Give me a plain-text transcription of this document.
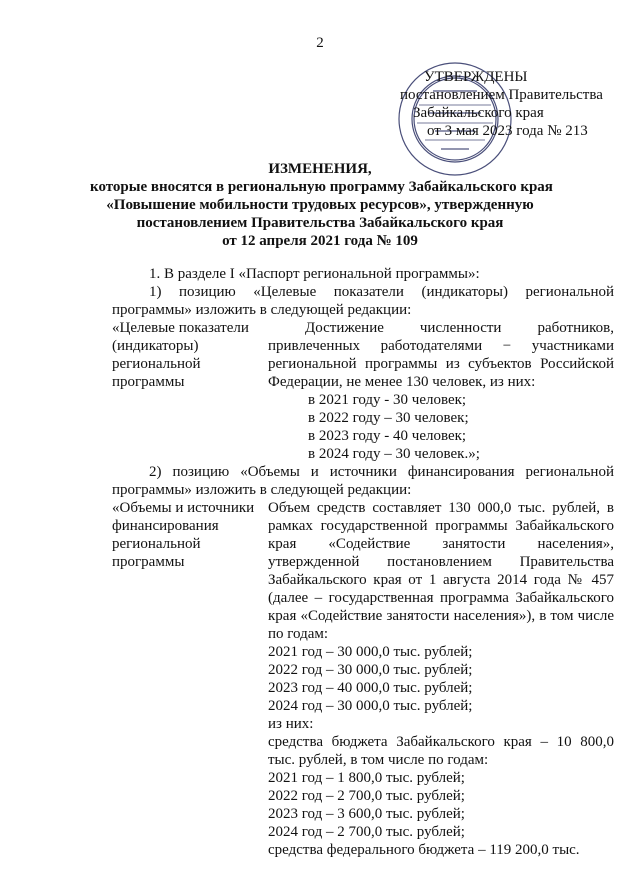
2
УТВЕРЖДЕНЫ
постановлением Правительства
Забайкальского края
от 3 мая 2023 года № 213
ИЗМЕНЕНИЯ,
которые вносятся в региональную программу Забайкальского края
«Повышение мобильности трудовых ресурсов», утвержденную
постановлением Правительства Забайкальского края
от 12 апреля 2021 года № 109
1. В разделе I «Паспорт региональной программы»:
1) позицию «Целевые показатели (индикаторы) региональной программы» изложить в следующей редакции:
«Целевые показатели (индикаторы) региональной программы
Достижение численности работников, привлеченных работодателями − участниками региональной программы из субъектов Российской Федерации, не менее 130 человек, из них:
в 2021 году - 30 человек;
в 2022 году – 30 человек;
в 2023 году - 40 человек;
в 2024 году – 30 человек.»;
2) позицию «Объемы и источники финансирования региональной программы» изложить в следующей редакции:
«Объемы и источники финансирования региональной программы
Объем средств составляет 130 000,0 тыс. рублей, в рамках государственной программы Забайкальского края «Содействие занятости населения», утвержденной постановлением Правительства Забайкальского края от 1 августа 2014 года № 457 (далее – государственная программа Забайкальского края «Содействие занятости населения»), в том числе по годам:
2021 год – 30 000,0 тыс. рублей;
2022 год – 30 000,0 тыс. рублей;
2023 год – 40 000,0 тыс. рублей;
2024 год – 30 000,0 тыс. рублей;
из них:
средства бюджета Забайкальского края – 10 800,0 тыс. рублей, в том числе по годам:
2021 год – 1 800,0 тыс. рублей;
2022 год – 2 700,0 тыс. рублей;
2023 год – 3 600,0 тыс. рублей;
2024 год – 2 700,0 тыс. рублей;
средства федерального бюджета – 119 200,0 тыс.
